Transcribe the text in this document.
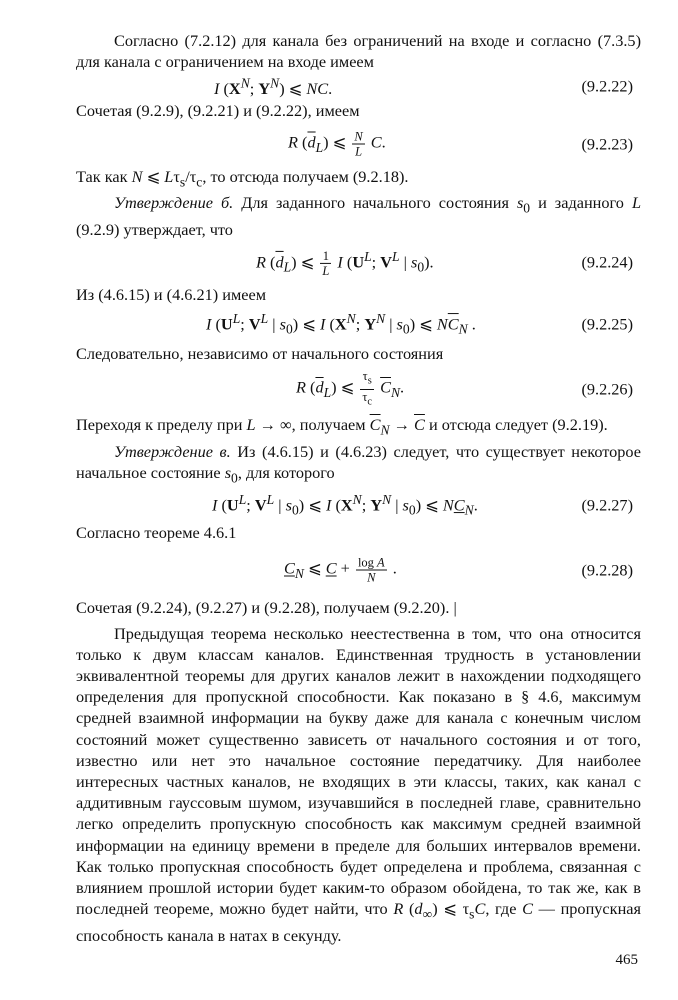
Согласно (7.2.12) для канала без ограничений на входе и согласно (7.3.5) для канала с ограничением на входе имеем

I ($X^N$; $Y^N$) ⩽ NC.	(9.2.22)

Сочетая (9.2.9), (9.2.21) и (9.2.22), имеем

R $(\overline{d}_L)$ ⩽ $\frac{N}{L} C$.	(9.2.23)

Так как N ⩽ $L\tau_s/\tau_c$, то отсюда получаем (9.2.18).

Утверждение б. Для заданного начального состояния $s_0$ и заданного L (9.2.9) утверждает, что

R $(\overline{d}_L)$ ⩽ $\frac{1}{L}$ I ($U^L$; $V^L$ | $s_0$).	(9.2.24)

Из (4.6.15) и (4.6.21) имеем

I ($U^L$; $V^L$ | $s_0$) ⩽ I ($X^N$; $Y^N$ | $s_0$) ⩽ $N\overline{C}_N$ .	(9.2.25)

Следовательно, независимо от начального состояния

R $(\overline{d}_L)$ ⩽ $\frac{\tau_s}{\tau_c} \overline{C}_N$.	(9.2.26)

Переходя к пределу при L → ∞, получаем $\overline{C}_N \to \overline{C}$ и отсюда следует (9.2.19).

Утверждение в. Из (4.6.15) и (4.6.23) следует, что существует некоторое начальное состояние $s_0$, для которого

I ($U^L$; $V^L$ | $s_0$) ⩽ I ($X^N$; $Y^N$ | $s_0$) ⩽ $NC_N$.	(9.2.27)

Согласно теореме 4.6.1

$C_N$ ⩽ $C + \frac{\text{log A}}{N}$ .	(9.2.28)

Сочетая (9.2.24), (9.2.27) и (9.2.28), получаем (9.2.20). |

Предыдущая теорема несколько неестественна в том, что она относится только к двум классам каналов. Единственная трудность в установлении эквивалентной теоремы для других каналов лежит в нахождении подходящего определения для пропускной способности. Как показано в § 4.6, максимум средней взаимной информации на букву даже для канала с конечным числом состояний может существенно зависеть от начального состояния и от того, известно или нет это начальное состояние передатчику. Для наиболее интересных частных каналов, не входящих в эти классы, таких, как канал с аддитивным гауссовым шумом, изучавшийся в последней главе, сравнительно легко определить пропускную способность как максимум средней взаимной информации на единицу времени в пределе для больших интервалов времени. Как только пропускная способность будет определена и проблема, связанная с влиянием прошлой истории будет каким-то образом обойдена, то так же, как в последней теореме, можно будет найти, что R $(d_\infty)$ ⩽ $\tau_sC$, где C — пропускная способность канала в натах в секунду.

465
